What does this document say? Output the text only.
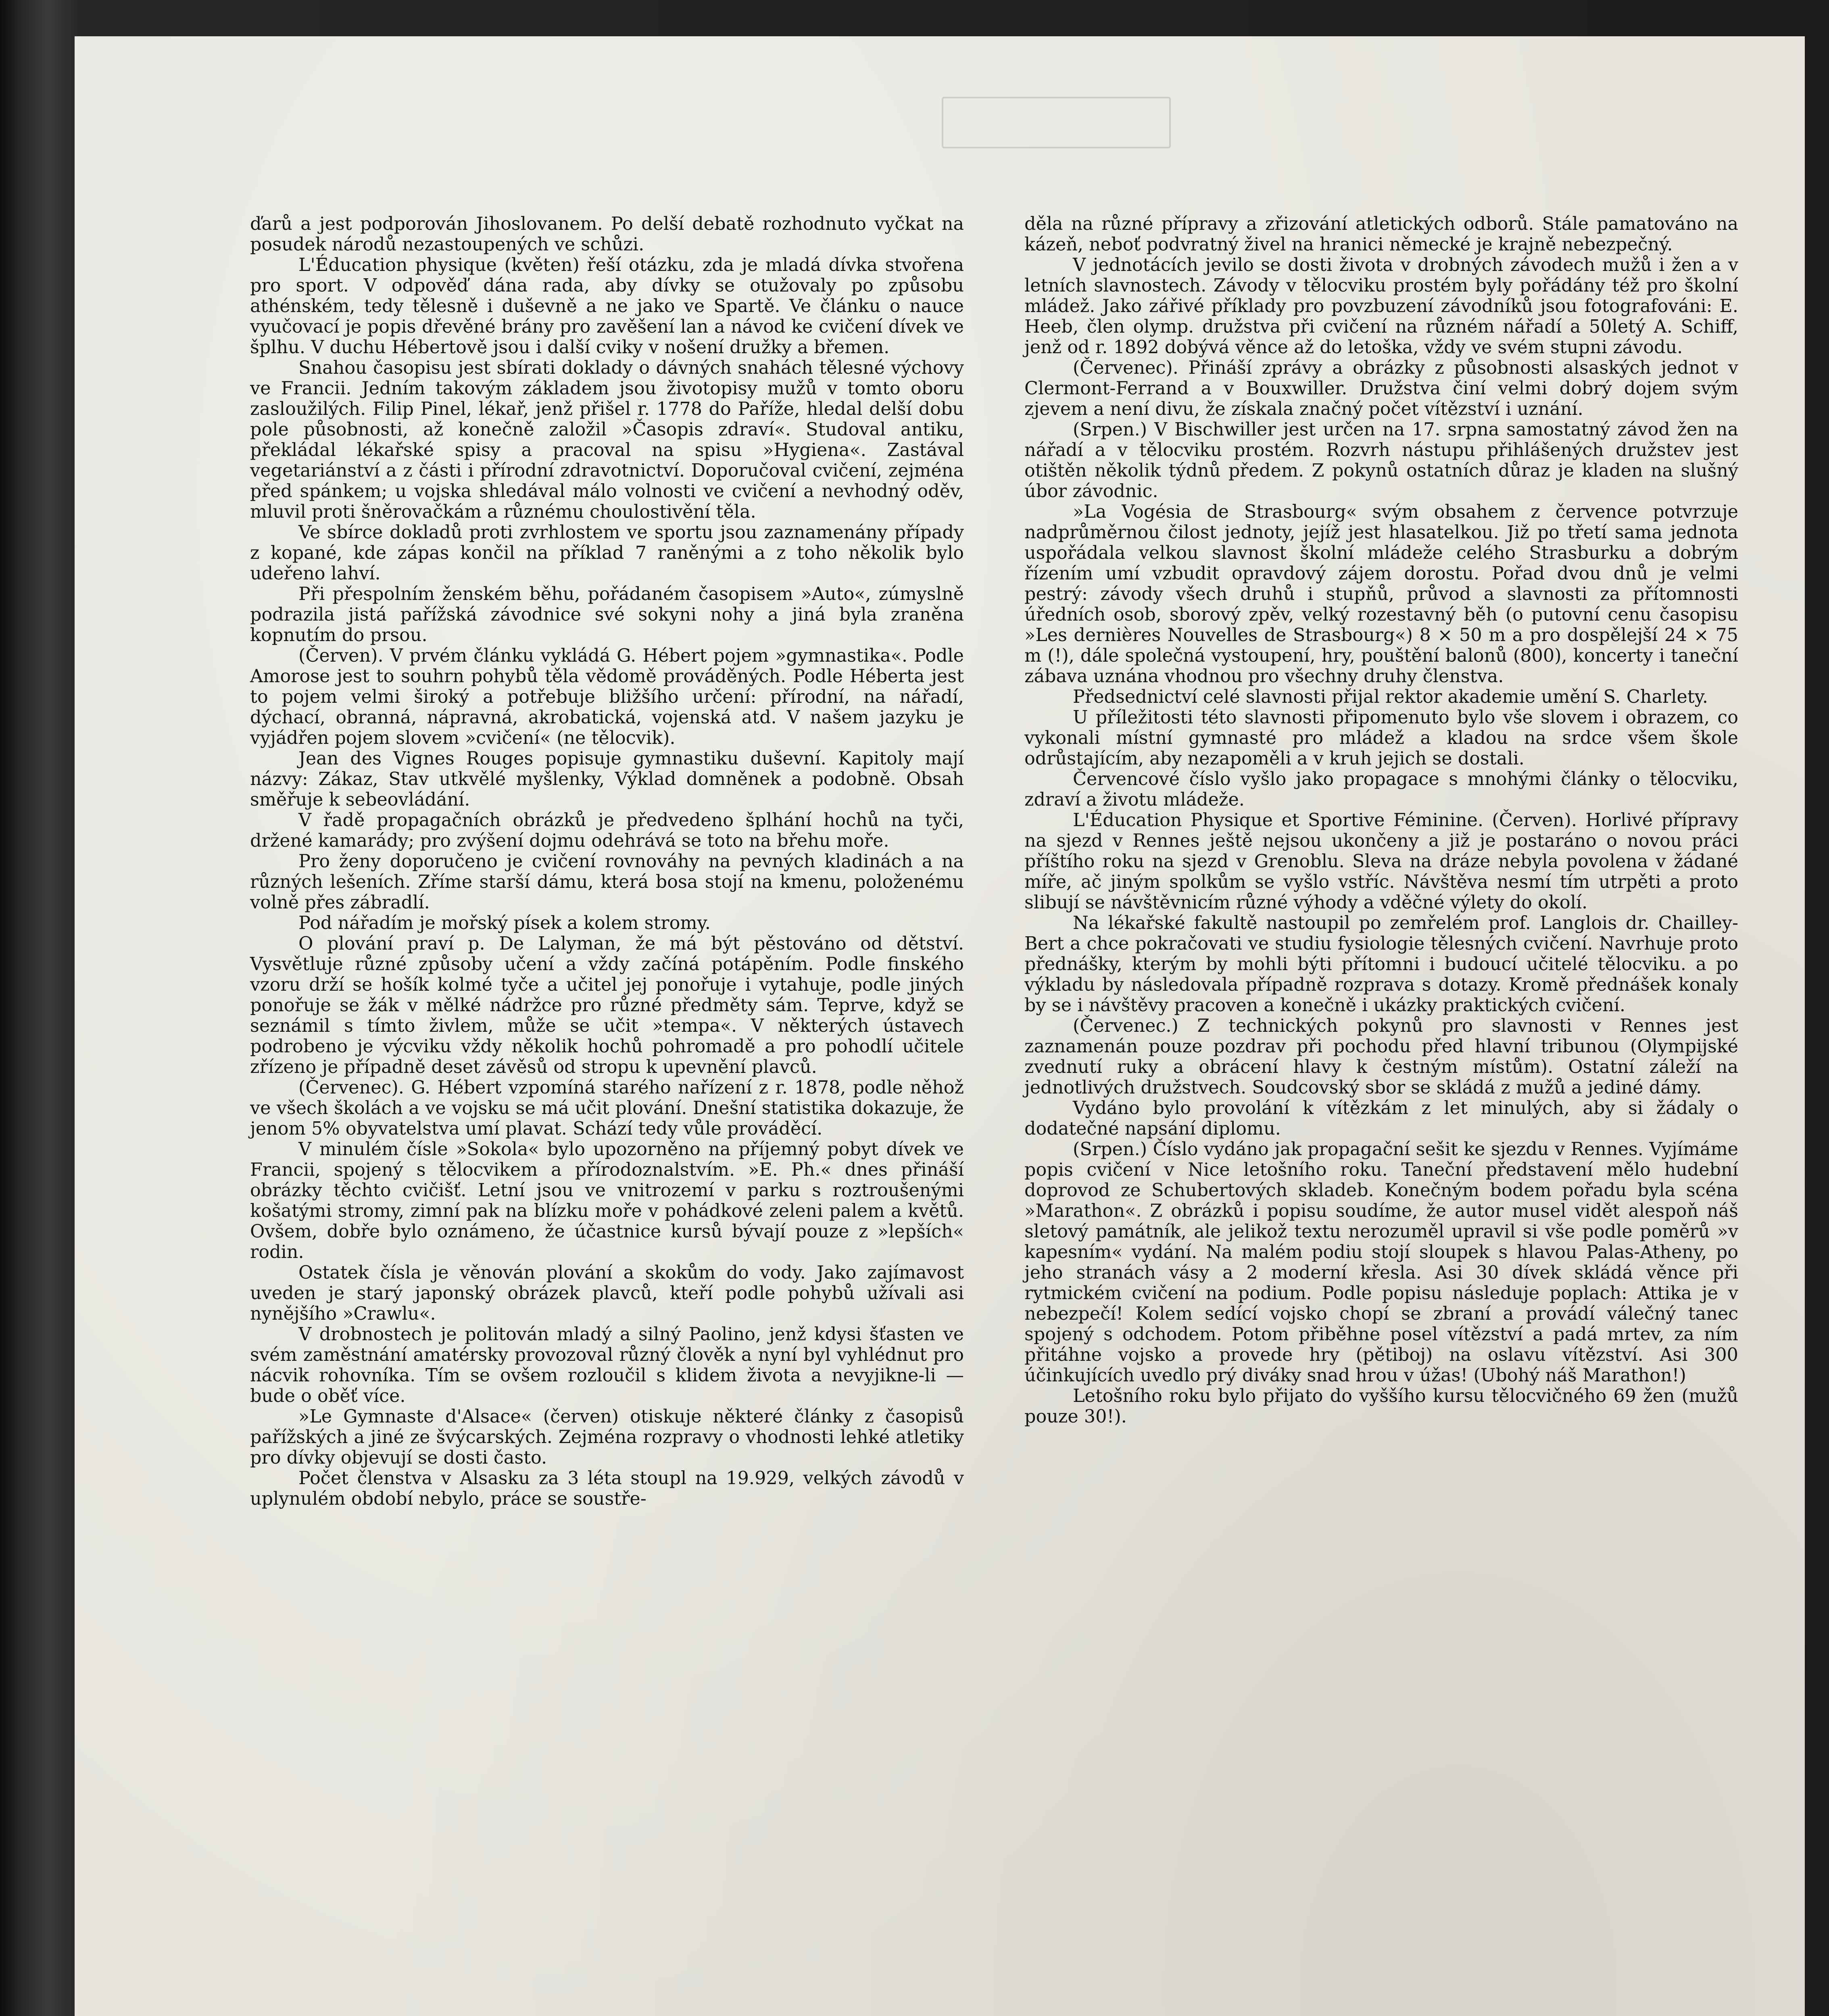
ďarů a jest podporován Jihoslovanem. Po delší debatě rozhodnuto vyčkat na posudek národů nezastoupených ve schůzi.

L'Éducation physique (květen) řeší otázku, zda je mladá dívka stvořena pro sport. V odpověď dána rada, aby dívky se otužovaly po způsobu athénském, tedy tělesně i duševně a ne jako ve Spartě. Ve článku o nauce vyučovací je popis dřevěné brány pro zavěšení lan a návod ke cvičení dívek ve šplhu. V duchu Hébertově jsou i další cviky v nošení družky a břemen.

Snahou časopisu jest sbírati doklady o dávných snahách tělesné výchovy ve Francii. Jedním takovým základem jsou životopisy mužů v tomto oboru zasloužilých. Filip Pinel, lékař, jenž přišel r. 1778 do Paříže, hledal delší dobu pole působnosti, až konečně založil »Časopis zdraví«. Studoval antiku, překládal lékařské spisy a pracoval na spisu »Hygiena«. Zastával vegetariánství a z části i přírodní zdravotnictví. Doporučoval cvičení, zejména před spánkem; u vojska shledával málo volnosti ve cvičení a nevhodný oděv, mluvil proti šněrovačkám a různému choulostivění těla.

Ve sbírce dokladů proti zvrhlostem ve sportu jsou zaznamenány případy z kopané, kde zápas končil na příklad 7 raněnými a z toho několik bylo udeřeno lahví.

Při přespolním ženském běhu, pořádaném časopisem »Auto«, zúmyslně podrazila jistá pařížská závodnice své sokyni nohy a jiná byla zraněna kopnutím do prsou.

(Červen). V prvém článku vykládá G. Hébert pojem »gymnastika«. Podle Amorose jest to souhrn pohybů těla vědomě prováděných. Podle Héberta jest to pojem velmi široký a potřebuje bližšího určení: přírodní, na nářadí, dýchací, obranná, nápravná, akrobatická, vojenská atd. V našem jazyku je vyjádřen pojem slovem »cvičení« (ne tělocvik).

Jean des Vignes Rouges popisuje gymnastiku duševní. Kapitoly mají názvy: Zákaz, Stav utkvělé myšlenky, Výklad domněnek a podobně. Obsah směřuje k sebeovládání.

V řadě propagačních obrázků je předvedeno šplhání hochů na tyči, držené kamarády; pro zvýšení dojmu odehrává se toto na břehu moře.

Pro ženy doporučeno je cvičení rovnováhy na pevných kladinách a na různých lešeních. Zříme starší dámu, která bosa stojí na kmenu, položenému volně přes zábradlí.

Pod nářadím je mořský písek a kolem stromy.

O plování praví p. De Lalyman, že má být pěstováno od dětství. Vysvětluje různé způsoby učení a vždy začíná potápěním. Podle finského vzoru drží se hošík kolmé tyče a učitel jej ponořuje i vytahuje, podle jiných ponořuje se žák v mělké nádržce pro různé předměty sám. Teprve, když se seznámil s tímto živlem, může se učit »tempa«. V některých ústavech podrobeno je výcviku vždy několik hochů pohromadě a pro pohodlí učitele zřízeno je případně deset závěsů od stropu k upevnění plavců.

(Červenec). G. Hébert vzpomíná starého nařízení z r. 1878, podle něhož ve všech školách a ve vojsku se má učit plování. Dnešní statistika dokazuje, že jenom 5% obyvatelstva umí plavat. Schází tedy vůle prováděcí.

V minulém čísle »Sokola« bylo upozorněno na příjemný pobyt dívek ve Francii, spojený s tělocvikem a přírodoznalstvím. »E. Ph.« dnes přináší obrázky těchto cvičišť. Letní jsou ve vnitrozemí v parku s roztroušenými košatými stromy, zimní pak na blízku moře v pohádkové zeleni palem a květů. Ovšem, dobře bylo oznámeno, že účastnice kursů bývají pouze z »lepších« rodin.

Ostatek čísla je věnován plování a skokům do vody. Jako zajímavost uveden je starý japonský obrázek plavců, kteří podle pohybů užívali asi nynějšího »Crawlu«.

V drobnostech je politován mladý a silný Paolino, jenž kdysi šťasten ve svém zaměstnání amatérsky provozoval různý člověk a nyní byl vyhlédnut pro nácvik rohovníka. Tím se ovšem rozloučil s klidem života a nevyjikne-li — bude o oběť více.

»Le Gymnaste d'Alsace« (červen) otiskuje některé články z časopisů pařížských a jiné ze švýcarských. Zejména rozpravy o vhodnosti lehké atletiky pro dívky objevují se dosti často.

Počet členstva v Alsasku za 3 léta stoupl na 19.929, velkých závodů v uplynulém období nebylo, práce se soustře-

děla na různé přípravy a zřizování atletických odborů. Stále pamatováno na kázeň, neboť podvratný živel na hranici německé je krajně nebezpečný.

V jednotácích jevilo se dosti života v drobných závodech mužů i žen a v letních slavnostech. Závody v tělocviku prostém byly pořádány též pro školní mládež. Jako zářivé příklady pro povzbuzení závodníků jsou fotografováni: E. Heeb, člen olymp. družstva při cvičení na různém nářadí a 50letý A. Schiff, jenž od r. 1892 dobývá věnce až do letoška, vždy ve svém stupni závodu.

(Červenec). Přináší zprávy a obrázky z působnosti alsaských jednot v Clermont-Ferrand a v Bouxwiller. Družstva činí velmi dobrý dojem svým zjevem a není divu, že získala značný počet vítězství i uznání.

(Srpen.) V Bischwiller jest určen na 17. srpna samostatný závod žen na nářadí a v tělocviku prostém. Rozvrh nástupu přihlášených družstev jest otištěn několik týdnů předem. Z pokynů ostatních důraz je kladen na slušný úbor závodnic.

»La Vogésia de Strasbourg« svým obsahem z července potvrzuje nadprůměrnou čilost jednoty, jejíž jest hlasatelkou. Již po třetí sama jednota uspořádala velkou slavnost školní mládeže celého Strasburku a dobrým řízením umí vzbudit opravdový zájem dorostu. Pořad dvou dnů je velmi pestrý: závody všech druhů i stupňů, průvod a slavnosti za přítomnosti úředních osob, sborový zpěv, velký rozestavný běh (o putovní cenu časopisu »Les dernières Nouvelles de Strasbourg«) 8 × 50 m a pro dospělejší 24 × 75 m (!), dále společná vystoupení, hry, pouštění balonů (800), koncerty i taneční zábava uznána vhodnou pro všechny druhy členstva.

Předsednictví celé slavnosti přijal rektor akademie umění S. Charlety.

U příležitosti této slavnosti připomenuto bylo vše slovem i obrazem, co vykonali místní gymnasté pro mládež a kladou na srdce všem škole odrůstajícím, aby nezapoměli a v kruh jejich se dostali.

Červencové číslo vyšlo jako propagace s mnohými články o tělocviku, zdraví a životu mládeže.

L'Éducation Physique et Sportive Féminine. (Červen). Horlivé přípravy na sjezd v Rennes ještě nejsou ukončeny a již je postaráno o novou práci příštího roku na sjezd v Grenoblu. Sleva na dráze nebyla povolena v žádané míře, ač jiným spolkům se vyšlo vstříc. Návštěva nesmí tím utrpěti a proto slibují se návštěvnicím různé výhody a vděčné výlety do okolí.

Na lékařské fakultě nastoupil po zemřelém prof. Langlois dr. Chailley-Bert a chce pokračovati ve studiu fysiologie tělesných cvičení. Navrhuje proto přednášky, kterým by mohli býti přítomni i budoucí učitelé tělocviku. a po výkladu by následovala případně rozprava s dotazy. Kromě přednášek konaly by se i návštěvy pracoven a konečně i ukázky praktických cvičení.

(Červenec.) Z technických pokynů pro slavnosti v Rennes jest zaznamenán pouze pozdrav při pochodu před hlavní tribunou (Olympijské zvednutí ruky a obrácení hlavy k čestným místům). Ostatní záleží na jednotlivých družstvech. Soudcovský sbor se skládá z mužů a jediné dámy.

Vydáno bylo provolání k vítězkám z let minulých, aby si žádaly o dodatečné napsání diplomu.

(Srpen.) Číslo vydáno jak propagační sešit ke sjezdu v Rennes. Vyjímáme popis cvičení v Nice letošního roku. Taneční představení mělo hudební doprovod ze Schubertových skladeb. Konečným bodem pořadu byla scéna »Marathon«. Z obrázků i popisu soudíme, že autor musel vidět alespoň náš sletový památník, ale jelikož textu nerozuměl upravil si vše podle poměrů »v kapesním« vydání. Na malém podiu stojí sloupek s hlavou Palas-Atheny, po jeho stranách vásy a 2 moderní křesla. Asi 30 dívek skládá věnce při rytmickém cvičení na podium. Podle popisu následuje poplach: Attika je v nebezpečí! Kolem sedící vojsko chopí se zbraní a provádí válečný tanec spojený s odchodem. Potom přiběhne posel vítězství a padá mrtev, za ním přitáhne vojsko a provede hry (pětiboj) na oslavu vítězství. Asi 300 účinkujících uvedlo prý diváky snad hrou v úžas! (Ubohý náš Marathon!)

Letošního roku bylo přijato do vyššího kursu tělocvičného 69 žen (mužů pouze 30!).
